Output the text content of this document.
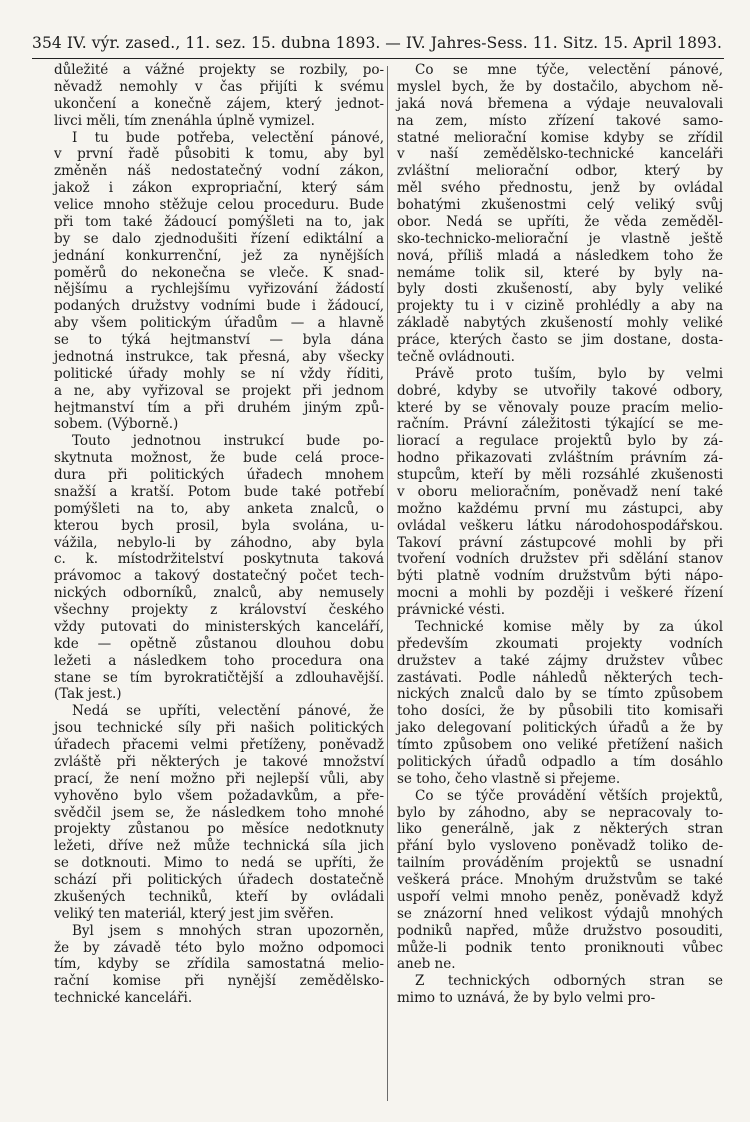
354 IV. výr. zased., 11. sez. 15. dubna 1893. — IV. Jahres-Sess. 11. Sitz. 15. April 1893.
důležité a vážné projekty se rozbily, po-
něvadž nemohly v čas přijíti k svému
ukončení a konečně zájem, který jednot-
livci měli, tím znenáhla úplně vymizel.
I tu bude potřeba, velectění pánové,
v první řadě působiti k tomu, aby byl
změněn náš nedostatečný vodní zákon,
jakož i zákon expropriační, který sám
velice mnoho stěžuje celou proceduru. Bude
při tom také žádoucí pomýšleti na to, jak
by se dalo zjednodušiti řízení ediktální a
jednání konkurrenční, jež za nynějších
poměrů do nekonečna se vleče. K snad-
nějšímu a rychlejšímu vyřizování žádostí
podaných družstvy vodními bude i žádoucí,
aby všem politickým úřadům — a hlavně
se to týká hejtmanství — byla dána
jednotná instrukce, tak přesná, aby všecky
politické úřady mohly se ní vždy říditi,
a ne, aby vyřizoval se projekt při jednom
hejtmanství tím a při druhém jiným způ-
sobem. (Výborně.)
Touto jednotnou instrukcí bude po-
skytnuta možnost, že bude celá proce-
dura při politických úřadech mnohem
snažší a kratší. Potom bude také potřebí
pomýšleti na to, aby anketa znalců, o
kterou bych prosil, byla svolána, u-
vážila, nebylo-li by záhodno, aby byla
c. k. místodržitelství poskytnuta taková
právomoc a takový dostatečný počet tech-
nických odborníků, znalců, aby nemusely
všechny projekty z království českého
vždy putovati do ministerských kanceláří,
kde — opětně zůstanou dlouhou dobu
ležeti a následkem toho procedura ona
stane se tím byrokratičtější a zdlouhavější.
(Tak jest.)
Nedá se upříti, velectění pánové, že
jsou technické síly při našich politických
úřadech přacemi velmi přetíženy, poněvadž
zvláště při některých je takové množství
prací, že není možno při nejlepší vůli, aby
vyhověno bylo všem požadavkům, a pře-
svědčil jsem se, že následkem toho mnohé
projekty zůstanou po měsíce nedotknuty
ležeti, dříve než může technická síla jich
se dotknouti. Mimo to nedá se upříti, že
schází při politických úřadech dostatečně
zkušených techniků, kteří by ovládali
veliký ten materiál, který jest jim svěřen.
Byl jsem s mnohých stran upozorněn,
že by závadě této bylo možno odpomoci
tím, kdyby se zřídila samostatná melio-
rační komise při nynější zemědělsko-
technické kanceláři.
Co se mne týče, velectění pánové,
myslel bych, že by dostačilo, abychom ně-
jaká nová břemena a výdaje neuvalovali
na zem, místo zřízení takové samo-
statné meliorační komise kdyby se zřídil
v naší zemědělsko-technické kanceláři
zvláštní meliorační odbor, který by
měl svého přednostu, jenž by ovládal
bohatými zkušenostmi celý veliký svůj
obor. Nedá se upříti, že věda zeměděl-
sko-technicko-meliorační je vlastně ještě
nová, příliš mladá a následkem toho že
nemáme tolik sil, které by byly na-
byly dosti zkušeností, aby byly veliké
projekty tu i v cizině prohlédly a aby na
základě nabytých zkušeností mohly veliké
práce, kterých často se jim dostane, dosta-
tečně ovládnouti.
Právě proto tuším, bylo by velmi
dobré, kdyby se utvořily takové odbory,
které by se věnovaly pouze pracím melio-
račním. Právní záležitosti týkající se me-
liorací a regulace projektů bylo by zá-
hodno přikazovati zvláštním právním zá-
stupcům, kteří by měli rozsáhlé zkušenosti
v oboru melioračním, poněvadž není také
možno každému první mu zástupci, aby
ovládal veškeru látku národohospodářskou.
Takoví právní zástupcové mohli by při
tvoření vodních družstev při sdělání stanov
býti platně vodním družstvům býti nápo-
mocni a mohli by později i veškeré řízení
právnické vésti.
Technické komise měly by za úkol
především zkoumati projekty vodních
družstev a také zájmy družstev vůbec
zastávati. Podle náhledů některých tech-
nických znalců dalo by se tímto způsobem
toho dosíci, že by působili tito komisaři
jako delegovaní politických úřadů a že by
tímto způsobem ono veliké přetížení našich
politických úřadů odpadlo a tím dosáhlo
se toho, čeho vlastně si přejeme.
Co se týče provádění větších projektů,
bylo by záhodno, aby se nepracovaly to-
liko generálně, jak z některých stran
přání bylo vysloveno poněvadž toliko de-
tailním prováděním projektů se usnadní
veškerá práce. Mnohým družstvům se také
uspoří velmi mnoho peněz, poněvadž když
se znázorní hned velikost výdajů mnohých
podniků napřed, může družstvo posouditi,
může-li podnik tento proniknouti vůbec
aneb ne.
Z technických odborných stran se
mimo to uznává, že by bylo velmi pro-
